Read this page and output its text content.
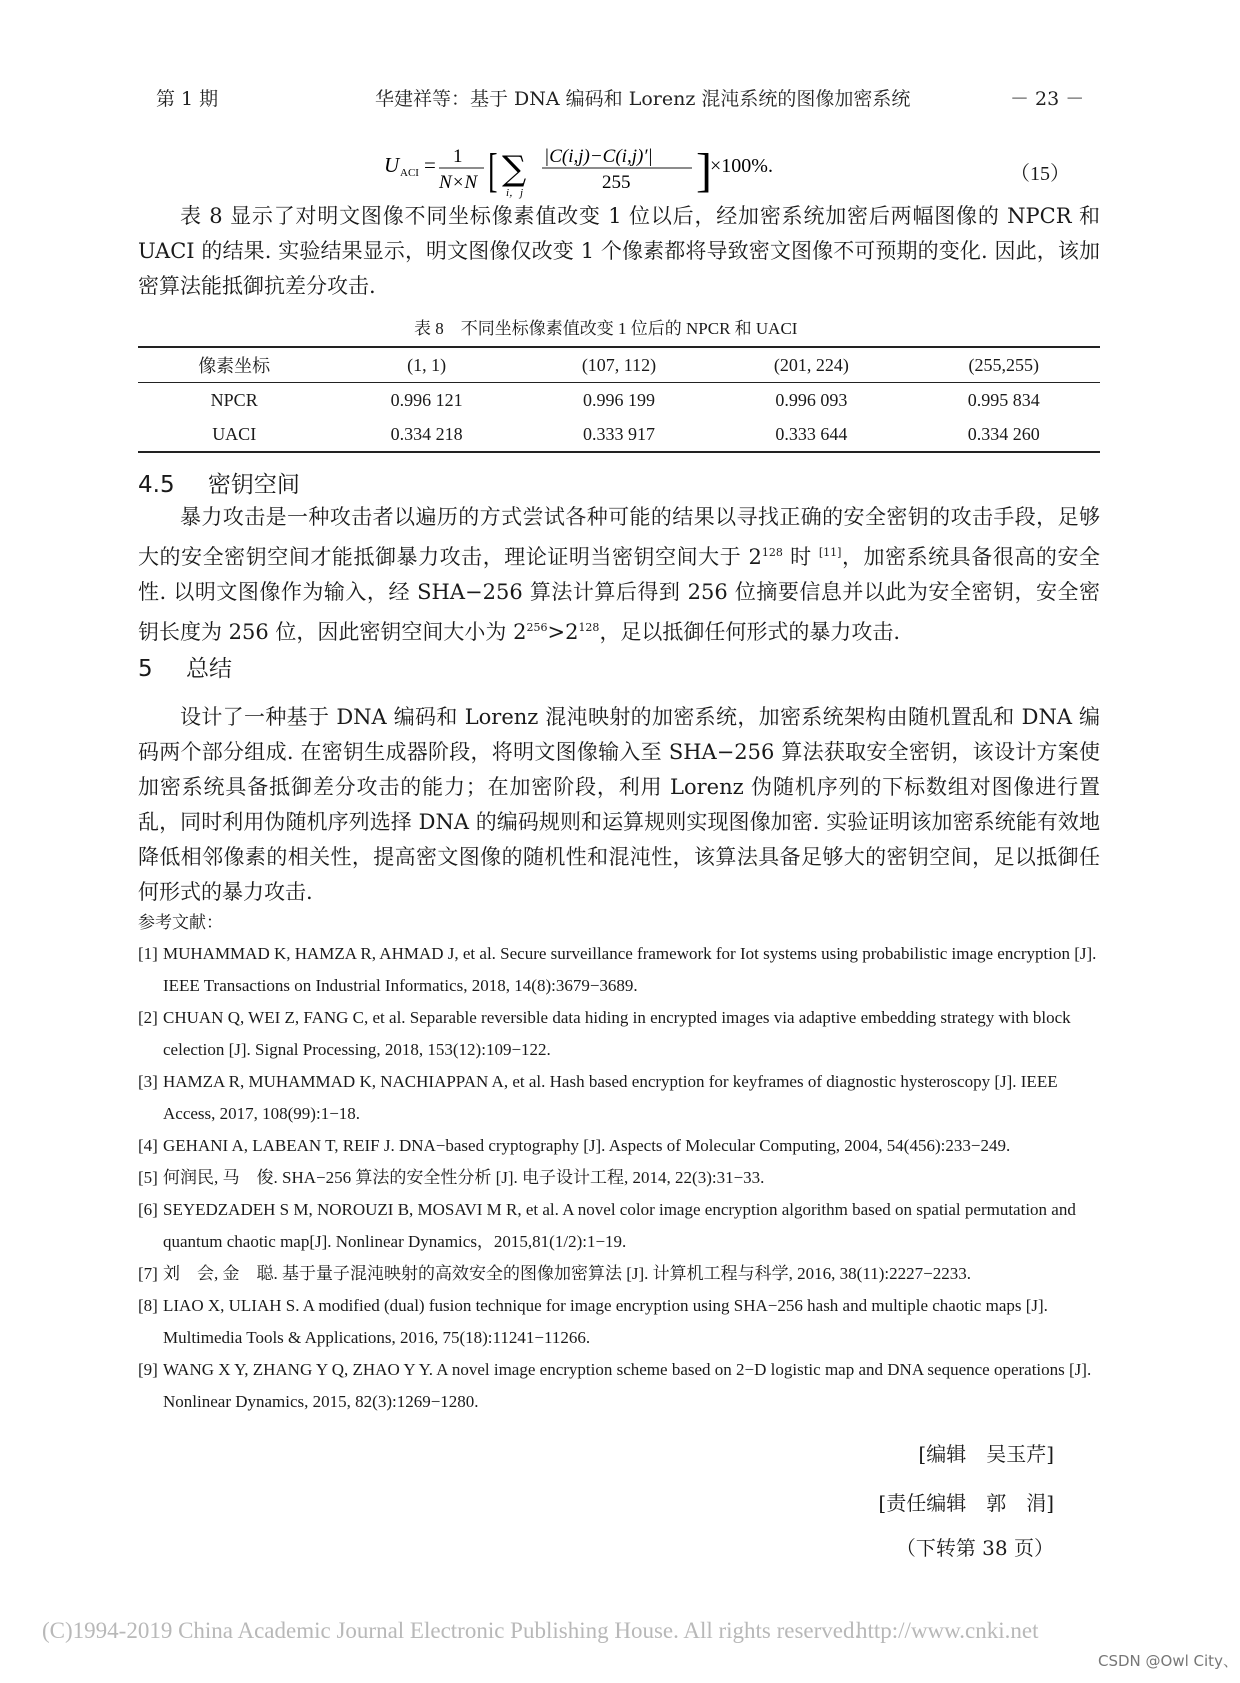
第 1 期	华建祥等：基于 DNA 编码和 Lorenz 混沌系统的图像加密系统	－ 23 －
U ACI = 1
N×N [ ∑
i，j
|C(i,j)−C(i,j)′|
255 ]
×100%.	（15）

表 8 显示了对明文图像不同坐标像素值改变 1 位以后，经加密系统加密后两幅图像的 NPCR 和 UACI 的结果. 实验结果显示，明文图像仅改变 1 个像素都将导致密文图像不可预期的变化. 因此，该加密算法能抵御抗差分攻击.

表 8　不同坐标像素值改变 1 位后的 NPCR 和 UACI
像素坐标	(1, 1)	(107, 112)	(201, 224)	(255,255)
NPCR	0.996 121	0.996 199	0.996 093	0.995 834
UACI	0.334 218	0.333 917	0.333 644	0.334 260
4.5 密钥空间

暴力攻击是一种攻击者以遍历的方式尝试各种可能的结果以寻找正确的安全密钥的攻击手段，足够大的安全密钥空间才能抵御暴力攻击，理论证明当密钥空间大于 $2^{128}$ 时 [11]，加密系统具备很高的安全性. 以明文图像作为输入，经 SHA−256 算法计算后得到 256 位摘要信息并以此为安全密钥，安全密钥长度为 256 位，因此密钥空间大小为 $2^{256}>2^{128}$，足以抵御任何形式的暴力攻击.

5 总结

设计了一种基于 DNA 编码和 Lorenz 混沌映射的加密系统，加密系统架构由随机置乱和 DNA 编码两个部分组成. 在密钥生成器阶段，将明文图像输入至 SHA−256 算法获取安全密钥，该设计方案使加密系统具备抵御差分攻击的能力；在加密阶段，利用 Lorenz 伪随机序列的下标数组对图像进行置乱，同时利用伪随机序列选择 DNA 的编码规则和运算规则实现图像加密. 实验证明该加密系统能有效地降低相邻像素的相关性，提高密文图像的随机性和混沌性，该算法具备足够大的密钥空间，足以抵御任何形式的暴力攻击.

参考文献：
[1] MUHAMMAD K, HAMZA R, AHMAD J, et al. Secure surveillance framework for Iot systems using probabilistic image encryption [J]. IEEE Transactions on Industrial Informatics, 2018, 14(8):3679−3689.
[2] CHUAN Q, WEI Z, FANG C, et al. Separable reversible data hiding in encrypted images via adaptive embedding strategy with block celection [J]. Signal Processing, 2018, 153(12):109−122.
[3] HAMZA R, MUHAMMAD K, NACHIAPPAN A, et al. Hash based encryption for keyframes of diagnostic hysteroscopy [J]. IEEE Access, 2017, 108(99):1−18.
[4] GEHANI A, LABEAN T, REIF J. DNA−based cryptography [J]. Aspects of Molecular Computing, 2004, 54(456):233−249.
[5] 何润民, 马　俊. SHA−256 算法的安全性分析 [J]. 电子设计工程, 2014, 22(3):31−33.
[6] SEYEDZADEH S M, NOROUZI B, MOSAVI M R, et al. A novel color image encryption algorithm based on spatial permutation and quantum chaotic map[J]. Nonlinear Dynamics，2015,81(1/2):1−19.
[7] 刘　会, 金　聪. 基于量子混沌映射的高效安全的图像加密算法 [J]. 计算机工程与科学, 2016, 38(11):2227−2233.
[8] LIAO X, ULIAH S. A modified (dual) fusion technique for image encryption using SHA−256 hash and multiple chaotic maps [J]. Multimedia Tools & Applications, 2016, 75(18):11241−11266.
[9] WANG X Y, ZHANG Y Q, ZHAO Y Y. A novel image encryption scheme based on 2−D logistic map and DNA sequence operations [J]. Nonlinear Dynamics, 2015, 82(3):1269−1280.
[编辑　吴玉芹]
[责任编辑　郭　涓]
（下转第 38 页）
(C)1994-2019 China Academic Journal Electronic Publishing House. All rights reserved.
http://www.cnki.net
CSDN @Owl City、
